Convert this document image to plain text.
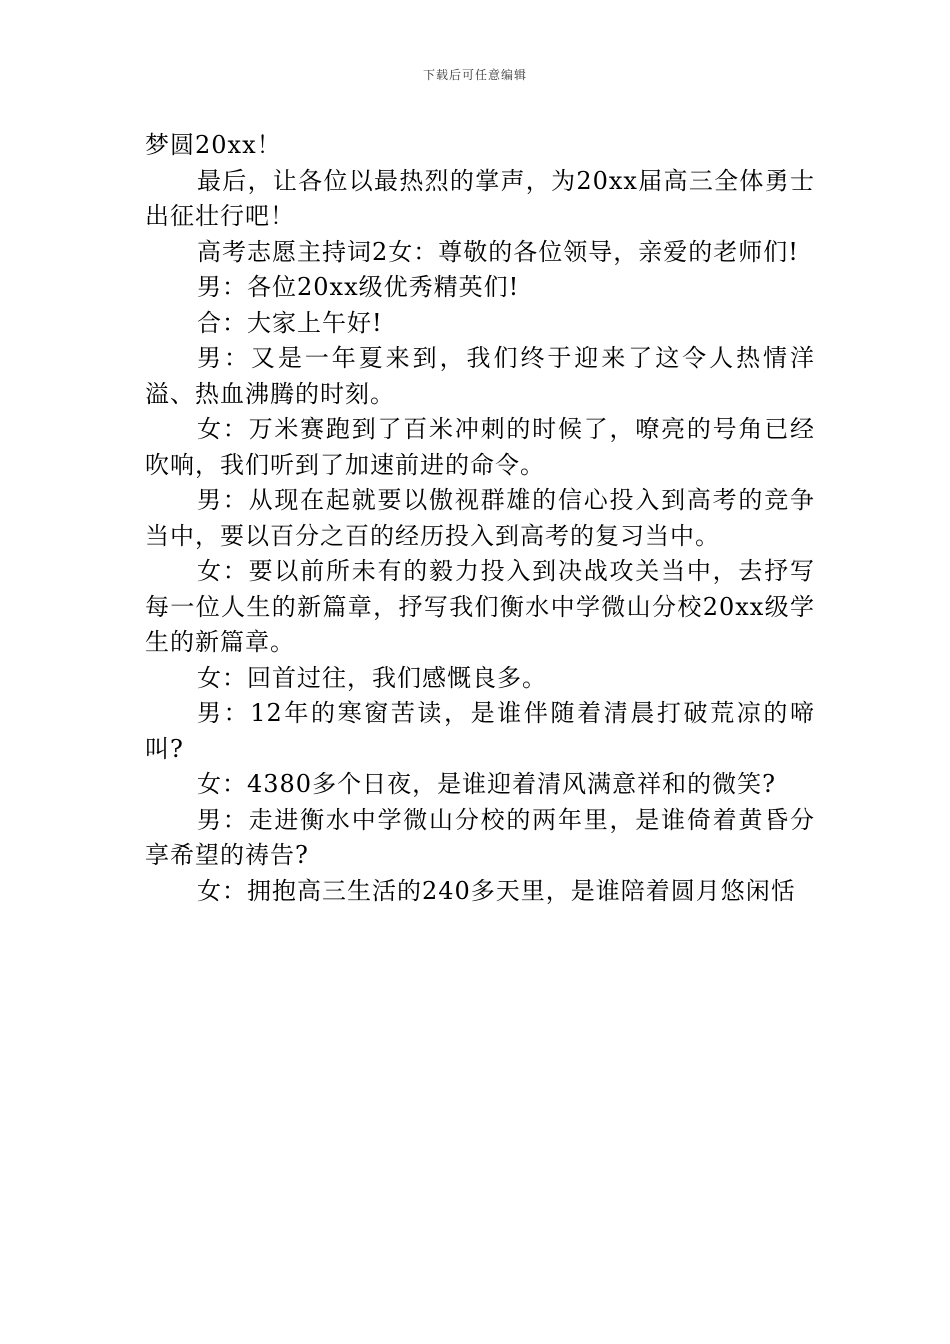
下载后可任意编辑

梦圆20xx！

最后，让各位以最热烈的掌声，为20xx届高三全体勇士出征壮行吧！

高考志愿主持词2女：尊敬的各位领导，亲爱的老师们!

男：各位20xx级优秀精英们!

合：大家上午好!

男：又是一年夏来到，我们终于迎来了这令人热情洋溢、热血沸腾的时刻。

女：万米赛跑到了百米冲刺的时候了，嘹亮的号角已经吹响，我们听到了加速前进的命令。

男：从现在起就要以傲视群雄的信心投入到高考的竞争当中，要以百分之百的经历投入到高考的复习当中。

女：要以前所未有的毅力投入到决战攻关当中，去抒写每一位人生的新篇章，抒写我们衡水中学微山分校20xx级学生的新篇章。

女：回首过往，我们感慨良多。

男：12年的寒窗苦读，是谁伴随着清晨打破荒凉的啼叫?

女：4380多个日夜，是谁迎着清风满意祥和的微笑?

男：走进衡水中学微山分校的两年里，是谁倚着黄昏分享希望的祷告?

女：拥抱高三生活的240多天里，是谁陪着圆月悠闲恬
